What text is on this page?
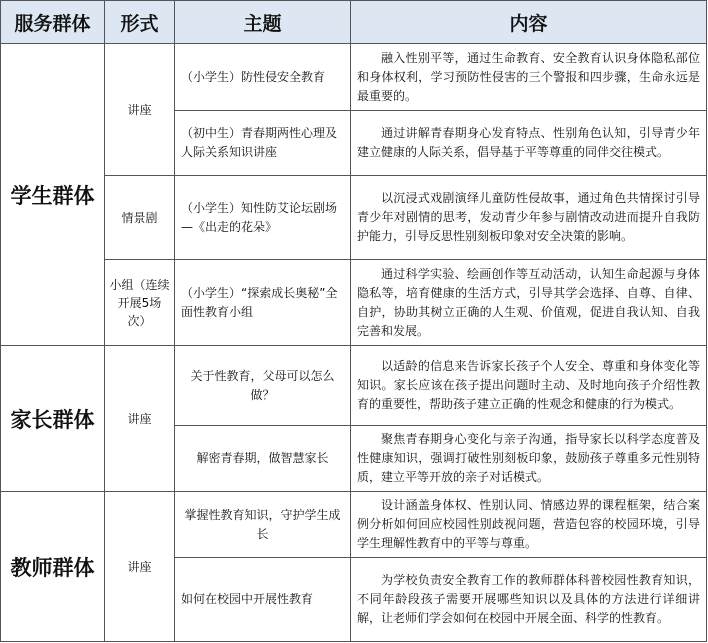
服务群体	形式	主题	内容
学生群体	讲座	（小学生）防性侵安全教育	融入性别平等，通过生命教育、安全教育认识身体隐私部位和身体权利，学习预防性侵害的三个警报和四步骤，生命永远是最重要的。
		（初中生）青春期两性心理及人际关系知识讲座	通过讲解青春期身心发育特点、性别角色认知，引导青少年建立健康的人际关系，倡导基于平等尊重的同伴交往模式。
	情景剧	（小学生）知性防艾论坛剧场—《出走的花朵》	以沉浸式戏剧演绎儿童防性侵故事，通过角色共情探讨引导青少年对剧情的思考，发动青少年参与剧情改动进而提升自我防护能力，引导反思性别刻板印象对安全决策的影响。
	小组（连续开展5场次）	（小学生）“探索成长奥秘”全面性教育小组	通过科学实验、绘画创作等互动活动，认知生命起源与身体隐私等，培育健康的生活方式，引导其学会选择、自尊、自律、自护，协助其树立正确的人生观、价值观，促进自我认知、自我完善和发展。
家长群体	讲座	关于性教育，父母可以怎么做？	以适龄的信息来告诉家长孩子个人安全、尊重和身体变化等知识。家长应该在孩子提出问题时主动、及时地向孩子介绍性教育的重要性，帮助孩子建立正确的性观念和健康的行为模式。
		解密青春期，做智慧家长	聚焦青春期身心变化与亲子沟通，指导家长以科学态度普及性健康知识，强调打破性别刻板印象，鼓励孩子尊重多元性别特质，建立平等开放的亲子对话模式。
教师群体	讲座	掌握性教育知识，守护学生成长	设计涵盖身体权、性别认同、情感边界的课程框架，结合案例分析如何回应校园性别歧视问题，营造包容的校园环境，引导学生理解性教育中的平等与尊重。
		如何在校园中开展性教育	为学校负责安全教育工作的教师群体科普校园性教育知识，不同年龄段孩子需要开展哪些知识以及具体的方法进行详细讲解，让老师们学会如何在校园中开展全面、科学的性教育。
